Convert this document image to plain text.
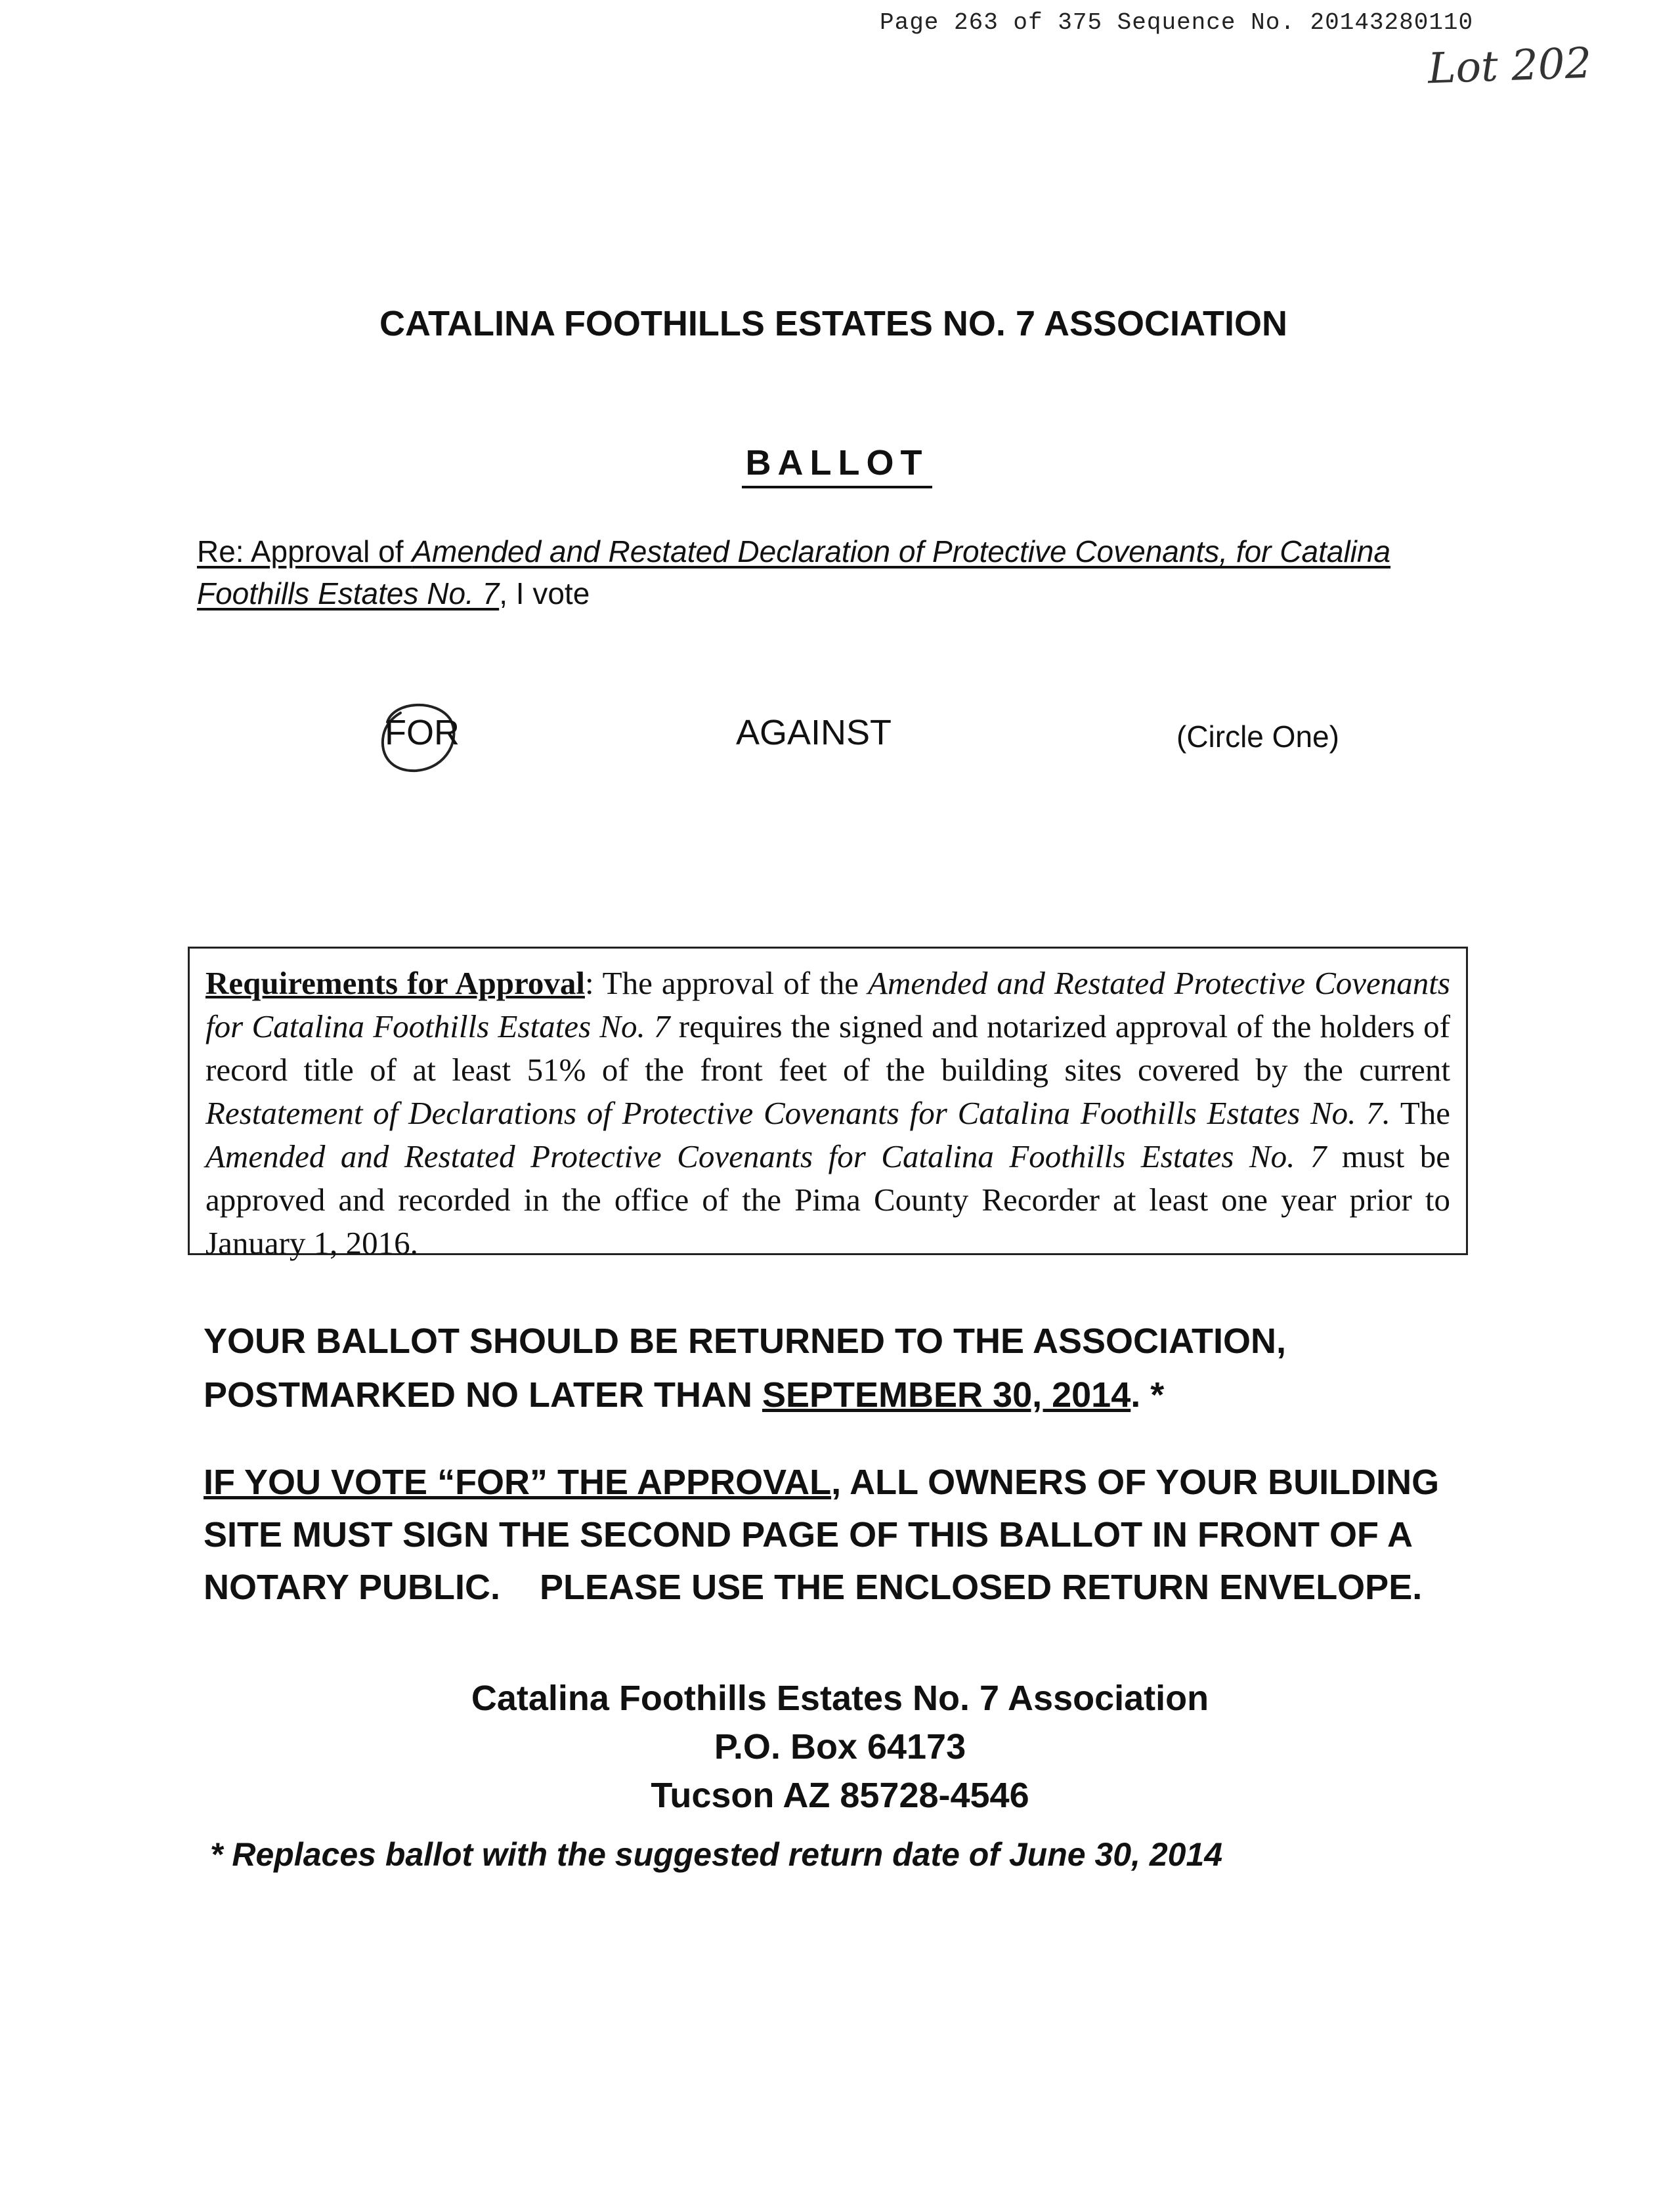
Page 263 of 375 Sequence No. 20143280110
Lot 202
CATALINA FOOTHILLS ESTATES NO. 7 ASSOCIATION
BALLOT
Re: Approval of Amended and Restated Declaration of Protective Covenants, for Catalina Foothills Estates No. 7, I vote
FOR	AGAINST	(Circle One)
Requirements for Approval: The approval of the Amended and Restated Protective Covenants for Catalina Foothills Estates No. 7 requires the signed and notarized approval of the holders of record title of at least 51% of the front feet of the building sites covered by the current Restatement of Declarations of Protective Covenants for Catalina Foothills Estates No. 7. The Amended and Restated Protective Covenants for Catalina Foothills Estates No. 7 must be approved and recorded in the office of the Pima County Recorder at least one year prior to January 1, 2016.
YOUR BALLOT SHOULD BE RETURNED TO THE ASSOCIATION, POSTMARKED NO LATER THAN SEPTEMBER 30, 2014. *
IF YOU VOTE “FOR” THE APPROVAL, ALL OWNERS OF YOUR BUILDING SITE MUST SIGN THE SECOND PAGE OF THIS BALLOT IN FRONT OF A NOTARY PUBLIC.    PLEASE USE THE ENCLOSED RETURN ENVELOPE.
Catalina Foothills Estates No. 7 Association
P.O. Box 64173
Tucson AZ 85728-4546
* Replaces ballot with the suggested return date of June 30, 2014
